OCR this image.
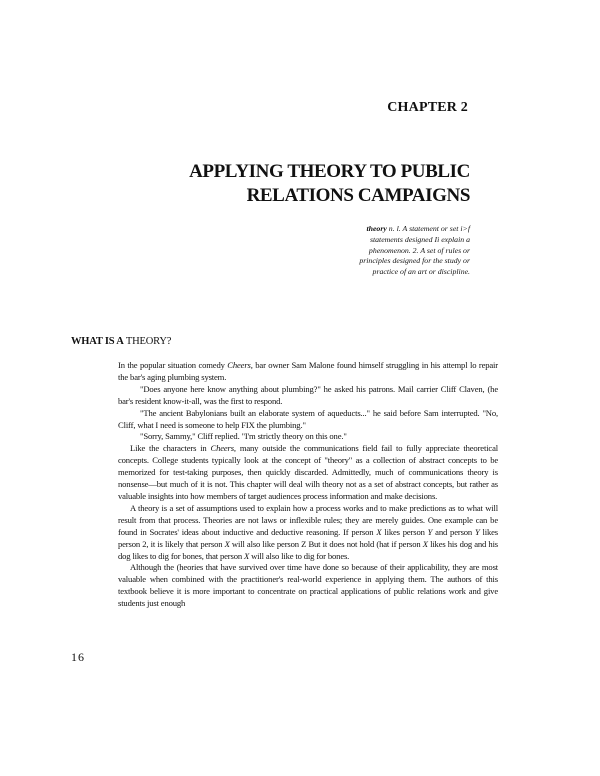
CHAPTER 2
APPLYING THEORY TO PUBLIC
RELATIONS CAMPAIGNS
theory n. l. A statement or set i>f
statements designed Ii explain a
phenomenon. 2. A set of rules or
principles designed for the study or
practice of an art or discipline.
WHAT IS A THEORY?

In the popular situation comedy Cheers, bar owner Sam Malone found himself struggling in his attempl lo repair the bar's aging plumbing system.

"Does anyone here know anything about plumbing?" he asked his patrons. Mail carrier Cliff Claven, (he bar's resident know-it-all, was the first to respond.

"The ancient Babylonians built an elaborate system of aqueducts..." he said before Sam interrupted. "No, Cliff, what I need is someone to help FIX the plumbing."

"Sorry, Sammy," Cliff replied. "I'm strictly theory on this one."

Like the characters in Cheers, many outside the communications field fail to fully appreciate theoretical concepts. College students typically look at the concept of "theory" as a collection of abstract concepts to be memorized for test-taking purposes, then quickly discarded. Admittedly, much of communications theory is nonsense—but much of it is not. This chapter will deal wilh theory not as a set of abstract concepts, but rather as valuable insights into how members of target audiences process information and make decisions.

A theory is a set of assumptions used to explain how a process works and to make predictions as to what will result from that process. Theories are not laws or inflexible rules; they are merely guides. One example can be found in Socrates' ideas about inductive and deductive reasoning. If person X likes person Y and person Y likes person 2, it is likely that person X will also like person Z But it does not hold (hat if person X likes his dog and his dog likes to dig for bones, that person X will also like to dig for bones.

Although the (heories that have survived over time have done so because of their applicability, they are most valuable when combined with the practitioner's real-world experience in applying them. The authors of this textbook believe it is more important to concentrate on practical applications of public relations work and give students just enough

16
